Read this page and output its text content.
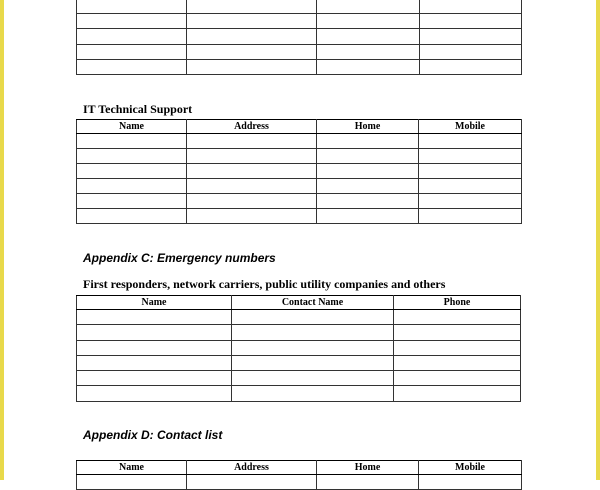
IT Technical Support
Name	Address	Home	Mobile

Appendix C: Emergency numbers
First responders, network carriers, public utility companies and others
Name	Contact Name	Phone

Appendix D: Contact list
Name	Address	Home	Mobile
